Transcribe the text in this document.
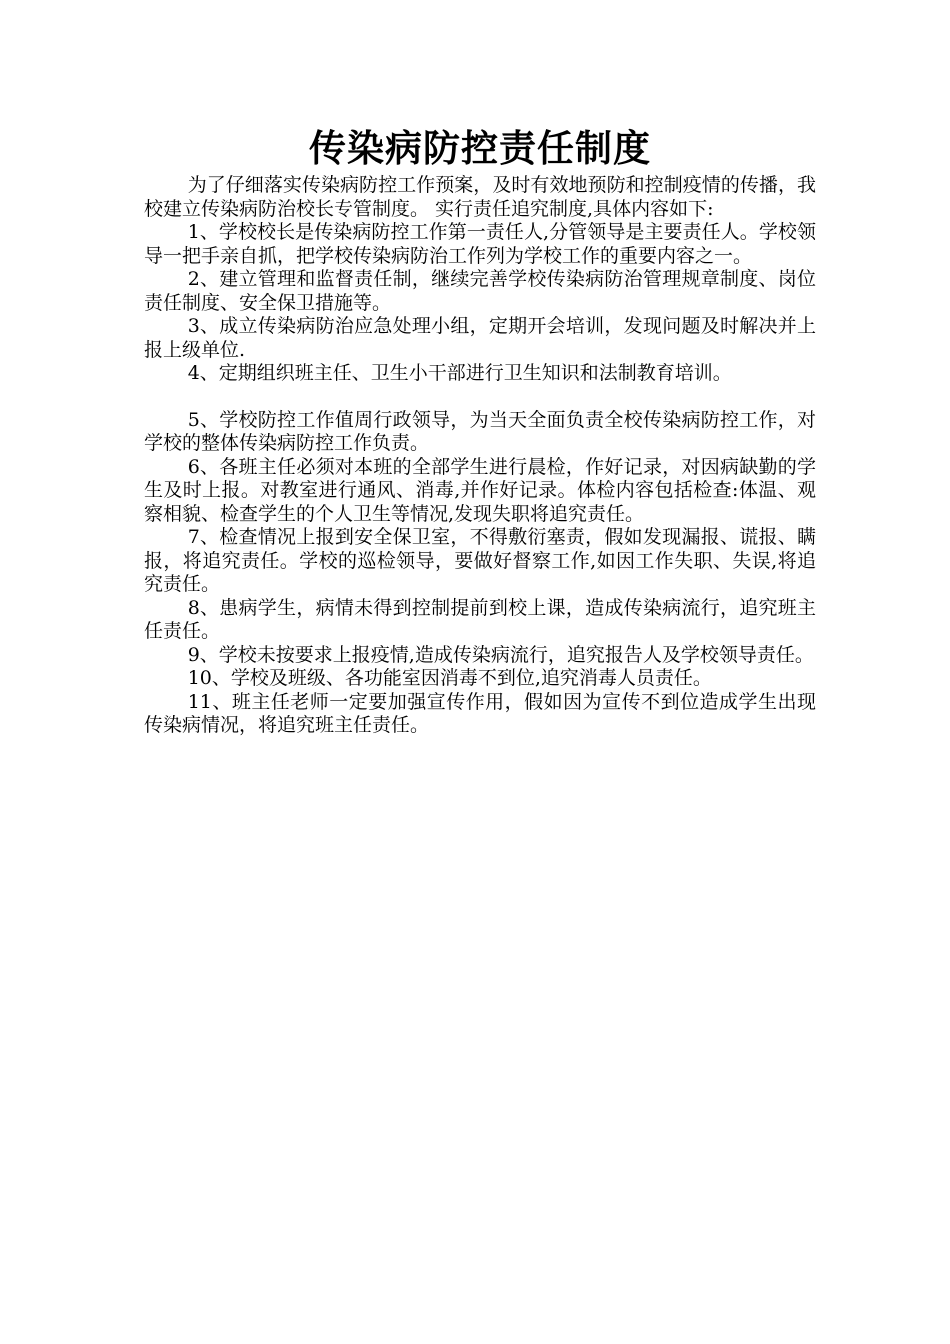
传染病防控责任制度

为了仔细落实传染病防控工作预案，及时有效地预防和控制疫情的传播，我校建立传染病防治校长专管制度。 实行责任追究制度,具体内容如下:

1、学校校长是传染病防控工作第一责任人,分管领导是主要责任人。学校领导一把手亲自抓，把学校传染病防治工作列为学校工作的重要内容之一。

2、建立管理和监督责任制，继续完善学校传染病防治管理规章制度、岗位责任制度、安全保卫措施等。

3、成立传染病防治应急处理小组，定期开会培训，发现问题及时解决并上报上级单位.

4、定期组织班主任、卫生小干部进行卫生知识和法制教育培训。

5、学校防控工作值周行政领导，为当天全面负责全校传染病防控工作，对学校的整体传染病防控工作负责。

6、各班主任必须对本班的全部学生进行晨检，作好记录，对因病缺勤的学生及时上报。对教室进行通风、消毒,并作好记录。体检内容包括检查:体温、观察相貌、检查学生的个人卫生等情况,发现失职将追究责任。

7、检查情况上报到安全保卫室，不得敷衍塞责，假如发现漏报、谎报、瞒报，将追究责任。学校的巡检领导，要做好督察工作,如因工作失职、失误,将追究责任。

8、患病学生，病情未得到控制提前到校上课，造成传染病流行，追究班主任责任。

9、学校未按要求上报疫情,造成传染病流行，追究报告人及学校领导责任。

10、学校及班级、各功能室因消毒不到位,追究消毒人员责任。

11、班主任老师一定要加强宣传作用，假如因为宣传不到位造成学生出现传染病情况，将追究班主任责任。
